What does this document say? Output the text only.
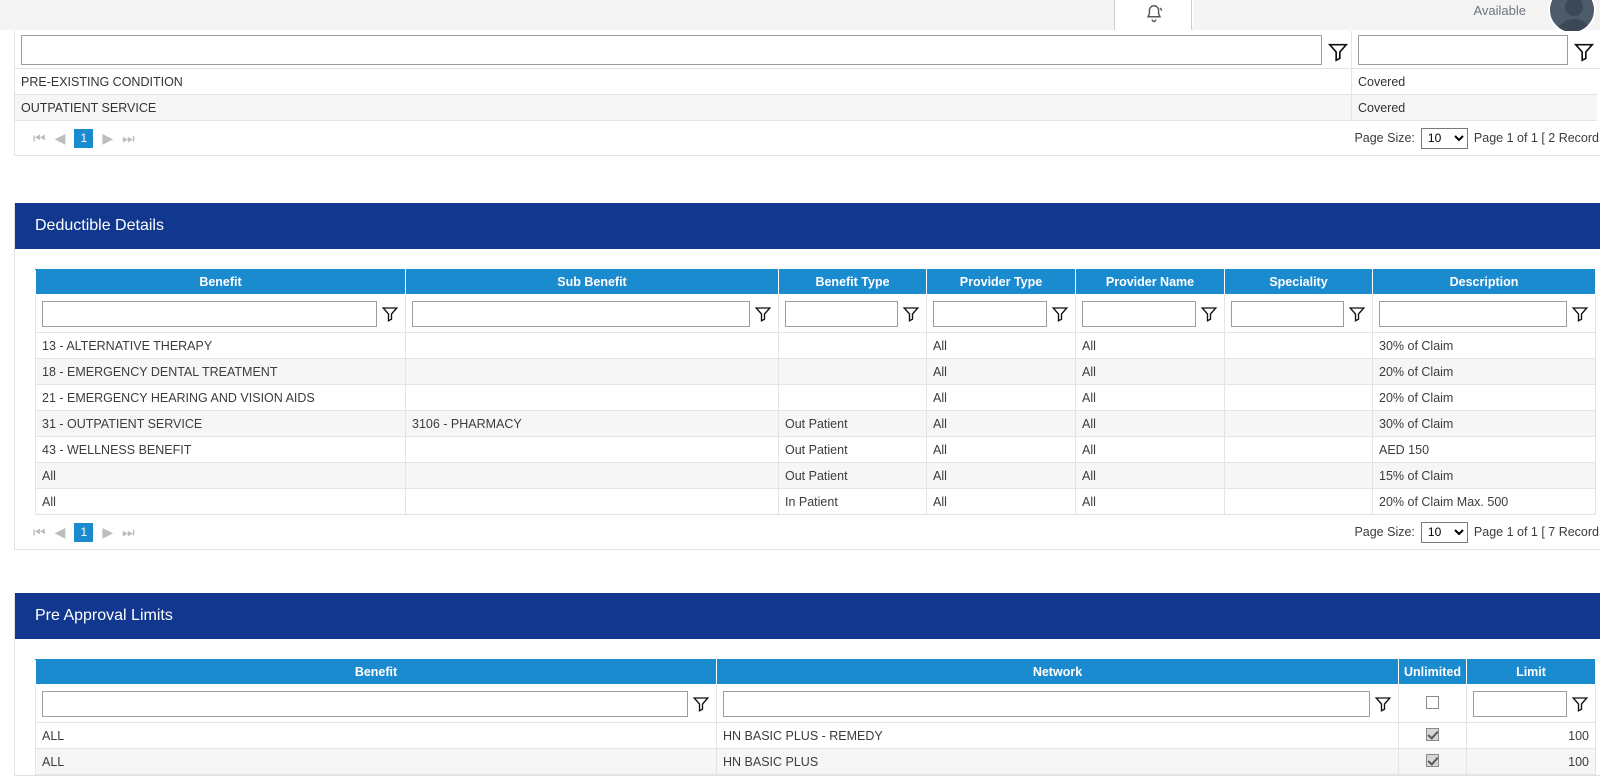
Available
PRE-EXISTING CONDITION	Covered
OUTPATIENT SERVICE	Covered
⏮ ◀	1	▶ ⏭	Page Size:
10	Page 1 of 1 [ 2 Record
Deductible Details
Benefit	Sub Benefit	Benefit Type	Provider Type	Provider Name	Speciality	Description

13 - ALTERNATIVE THERAPY			All	All		30% of Claim
18 - EMERGENCY DENTAL TREATMENT			All	All		20% of Claim
21 - EMERGENCY HEARING AND VISION AIDS			All	All		20% of Claim
31 - OUTPATIENT SERVICE	3106 - PHARMACY	Out Patient	All	All		30% of Claim
43 - WELLNESS BENEFIT		Out Patient	All	All		AED 150
All		Out Patient	All	All		15% of Claim
All		In Patient	All	All		20% of Claim Max. 500
⏮ ◀	1	▶ ⏭	Page Size:
10	Page 1 of 1 [ 7 Record
Pre Approval Limits
Benefit	Network	Unlimited	Limit

ALL	HN BASIC PLUS - REMEDY		100
ALL	HN BASIC PLUS		100
